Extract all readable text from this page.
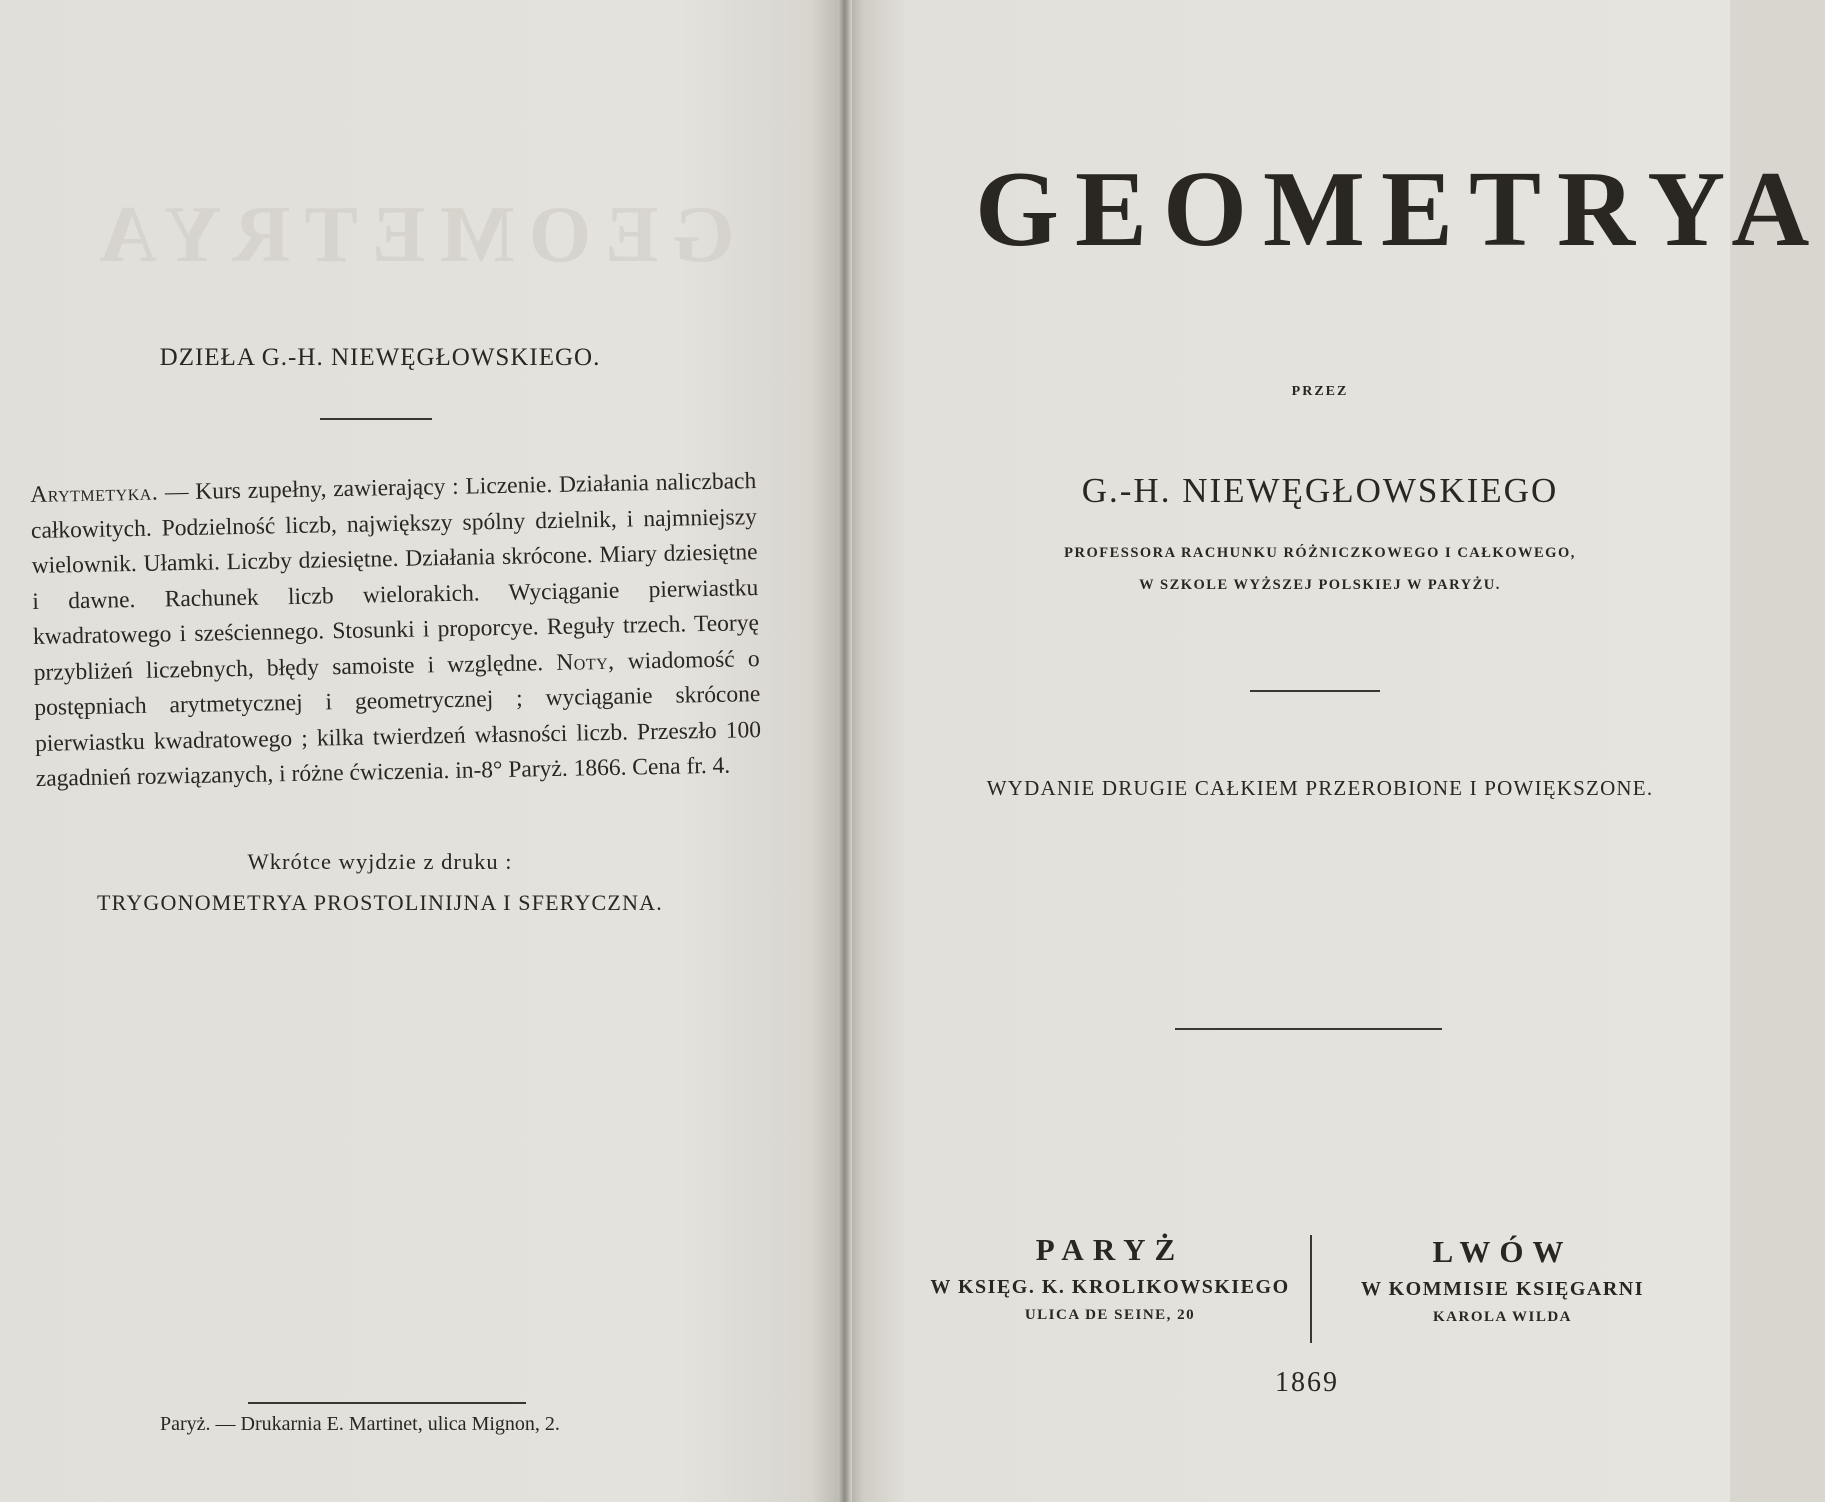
GEOMETRYA

DZIEŁA G.-H. NIEWĘGŁOWSKIEGO.

Arytmetyka. — Kurs zupełny, zawierający : Liczenie. Działania naliczbach całkowitych. Podzielność liczb, największy spólny dzielnik, i najmniejszy wielownik. Ułamki. Liczby dziesiętne. Działania skrócone. Miary dziesiętne i dawne. Rachunek liczb wielorakich. Wyciąganie pierwiastku kwadratowego i sześciennego. Stosunki i proporcye. Reguły trzech. Teoryę przybliżeń liczebnych, błędy samoiste i względne. Noty, wiadomość o postępniach arytmetycznej i geometrycznej ; wyciąganie skrócone pierwiastku kwadratowego ; kilka twierdzeń własności liczb. Przeszło 100 zagadnień rozwiązanych, i różne ćwiczenia. in-8° Paryż. 1866. Cena fr. 4.

Wkrótce wyjdzie z druku :

TRYGONOMETRYA PROSTOLINIJNA I SFERYCZNA.

Paryż. — Drukarnia E. Martinet, ulica Mignon, 2.

GEOMETRYA

PRZEZ

G.-H. NIEWĘGŁOWSKIEGO

PROFESSORA RACHUNKU RÓŻNICZKOWEGO I CAŁKOWEGO,

W SZKOLE WYŻSZEJ POLSKIEJ W PARYŻU.

WYDANIE DRUGIE CAŁKIEM PRZEROBIONE I POWIĘKSZONE.

PARYŻ
W KSIĘG. K. KROLIKOWSKIEGO
ULICA DE SEINE, 20
LWÓW
W KOMMISIE KSIĘGARNI
KAROLA WILDA

1869
